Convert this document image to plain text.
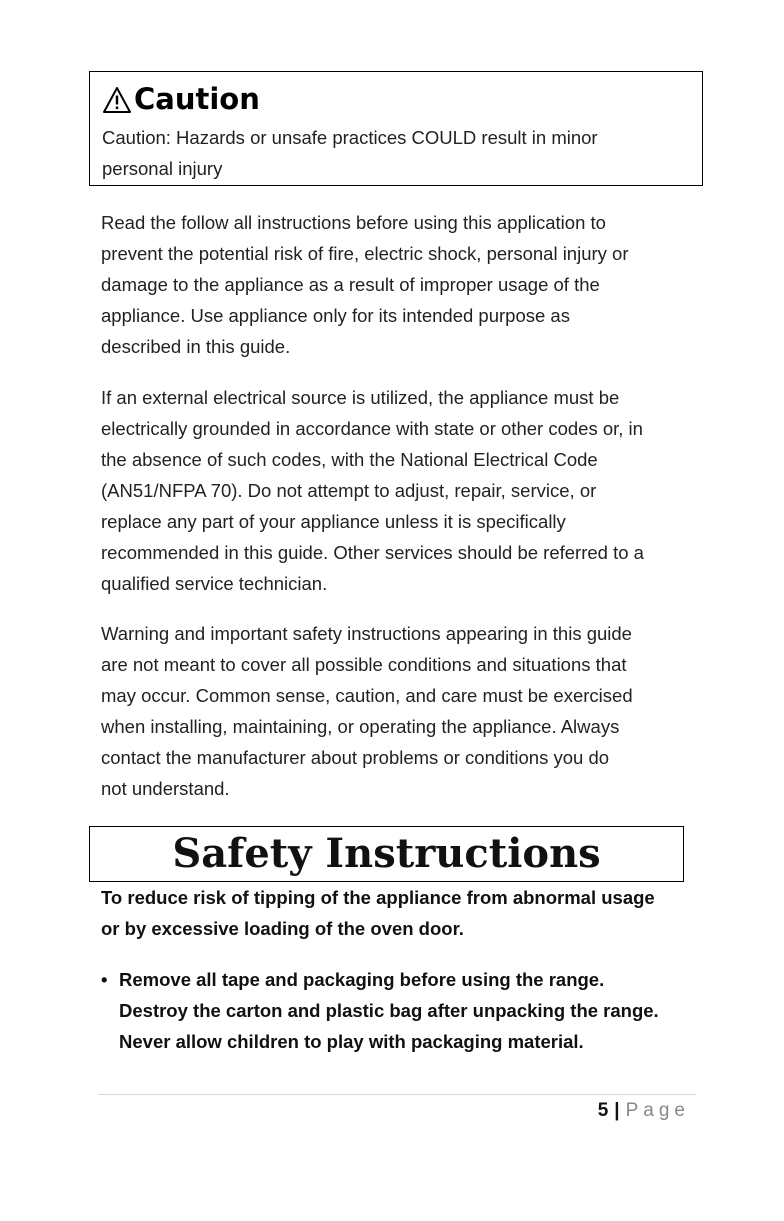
Caution
Caution: Hazards or unsafe practices COULD result in minor
personal injury
Read the follow all instructions before using this application to
prevent the potential risk of fire, electric shock, personal injury or
damage to the appliance as a result of improper usage of the
appliance. Use appliance only for its intended purpose as
described in this guide.
If an external electrical source is utilized, the appliance must be
electrically grounded in accordance with state or other codes or, in
the absence of such codes, with the National Electrical Code
(AN51/NFPA 70). Do not attempt to adjust, repair, service, or
replace any part of your appliance unless it is specifically
recommended in this guide. Other services should be referred to a
qualified service technician.
Warning and important safety instructions appearing in this guide
are not meant to cover all possible conditions and situations that
may occur. Common sense, caution, and care must be exercised
when installing, maintaining, or operating the appliance. Always
contact the manufacturer about problems or conditions you do
not understand.
Safety Instructions
To reduce risk of tipping of the appliance from abnormal usage
or by excessive loading of the oven door.
• Remove all tape and packaging before using the range.
Destroy the carton and plastic bag after unpacking the range.
Never allow children to play with packaging material.
5 | Page
